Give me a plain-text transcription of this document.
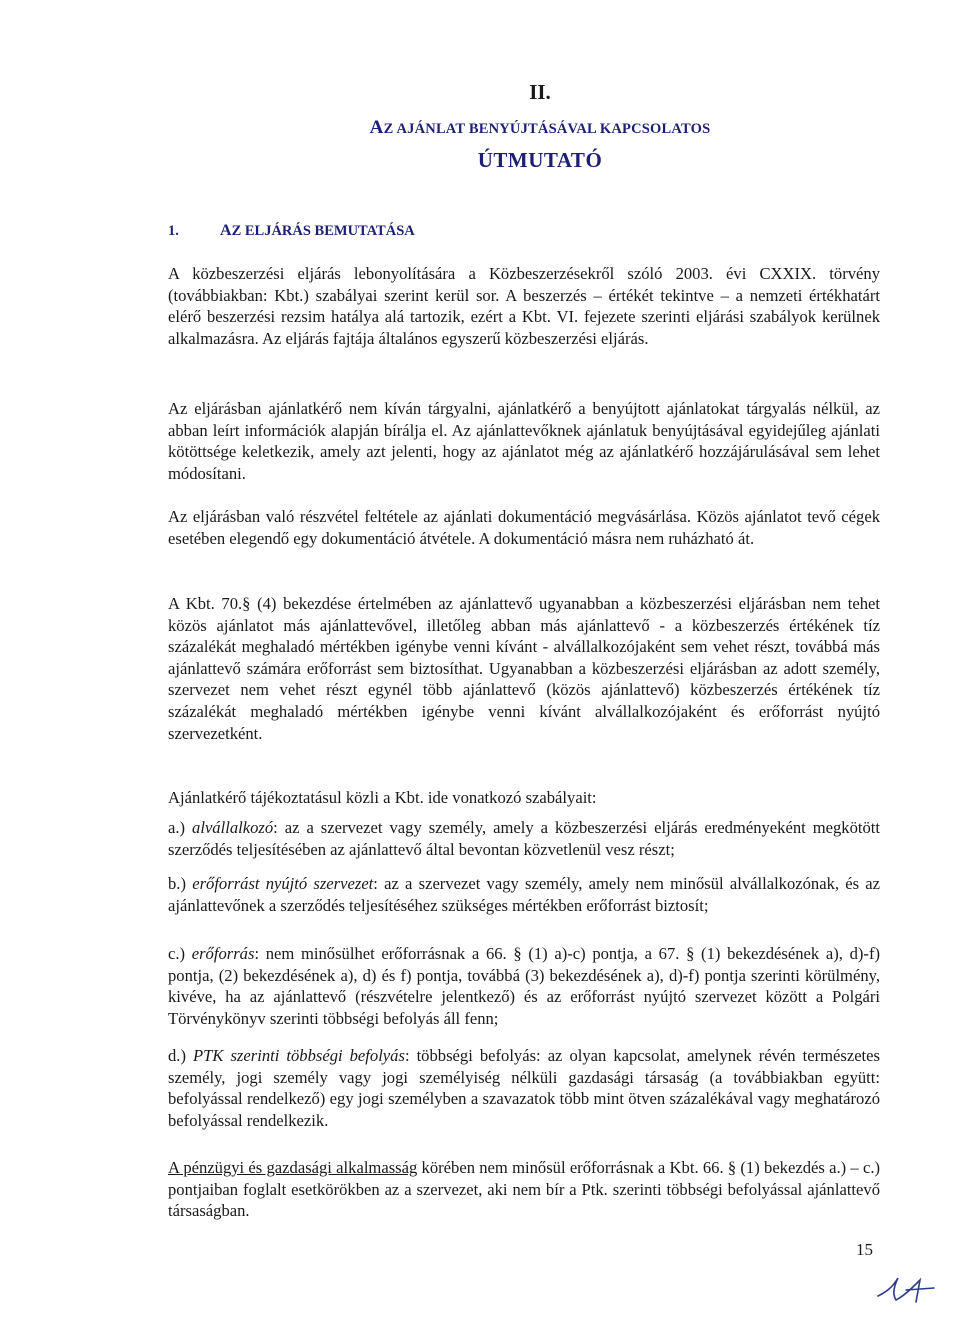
II.
AZ AJÁNLAT BENYÚJTÁSÁVAL KAPCSOLATOS
ÚTMUTATÓ
1.	AZ ELJÁRÁS BEMUTATÁSA

A közbeszerzési eljárás lebonyolítására a Közbeszerzésekről szóló 2003. évi CXXIX. törvény (továbbiakban: Kbt.) szabályai szerint kerül sor. A beszerzés – értékét tekintve – a nemzeti értékhatárt elérő beszerzési rezsim hatálya alá tartozik, ezért a Kbt. VI. fejezete szerinti eljárási szabályok kerülnek alkalmazásra. Az eljárás fajtája általános egyszerű közbeszerzési eljárás.

Az eljárásban ajánlatkérő nem kíván tárgyalni, ajánlatkérő a benyújtott ajánlatokat tárgyalás nélkül, az abban leírt információk alapján bírálja el. Az ajánlattevőknek ajánlatuk benyújtásával egyidejűleg ajánlati kötöttsége keletkezik, amely azt jelenti, hogy az ajánlatot még az ajánlatkérő hozzájárulásával sem lehet módosítani.

Az eljárásban való részvétel feltétele az ajánlati dokumentáció megvásárlása. Közös ajánlatot tevő cégek esetében elegendő egy dokumentáció átvétele. A dokumentáció másra nem ruházható át.

A Kbt. 70.§ (4) bekezdése értelmében az ajánlattevő ugyanabban a közbeszerzési eljárásban nem tehet közös ajánlatot más ajánlattevővel, illetőleg abban más ajánlattevő - a közbeszerzés értékének tíz százalékát meghaladó mértékben igénybe venni kívánt - alvállalkozójaként sem vehet részt, továbbá más ajánlattevő számára erőforrást sem biztosíthat. Ugyanabban a közbeszerzési eljárásban az adott személy, szervezet nem vehet részt egynél több ajánlattevő (közös ajánlattevő) közbeszerzés értékének tíz százalékát meghaladó mértékben igénybe venni kívánt alvállalkozójaként és erőforrást nyújtó szervezetként.

Ajánlatkérő tájékoztatásul közli a Kbt. ide vonatkozó szabályait:

a.) alvállalkozó: az a szervezet vagy személy, amely a közbeszerzési eljárás eredményeként megkötött szerződés teljesítésében az ajánlattevő által bevontan közvetlenül vesz részt;

b.) erőforrást nyújtó szervezet: az a szervezet vagy személy, amely nem minősül alvállalkozónak, és az ajánlattevőnek a szerződés teljesítéséhez szükséges mértékben erőforrást biztosít;

c.) erőforrás: nem minősülhet erőforrásnak a 66. § (1) a)-c) pontja, a 67. § (1) bekezdésének a), d)-f) pontja, (2) bekezdésének a), d) és f) pontja, továbbá (3) bekezdésének a), d)-f) pontja szerinti körülmény, kivéve, ha az ajánlattevő (részvételre jelentkező) és az erőforrást nyújtó szervezet között a Polgári Törvénykönyv szerinti többségi befolyás áll fenn;

d.) PTK szerinti többségi befolyás: többségi befolyás: az olyan kapcsolat, amelynek révén természetes személy, jogi személy vagy jogi személyiség nélküli gazdasági társaság (a továbbiakban együtt: befolyással rendelkező) egy jogi személyben a szavazatok több mint ötven százalékával vagy meghatározó befolyással rendelkezik.

A pénzügyi és gazdasági alkalmasság körében nem minősül erőforrásnak a Kbt. 66. § (1) bekezdés a.) – c.) pontjaiban foglalt esetkörökben az a szervezet, aki nem bír a Ptk. szerinti többségi befolyással ajánlattevő társaságban.

15
